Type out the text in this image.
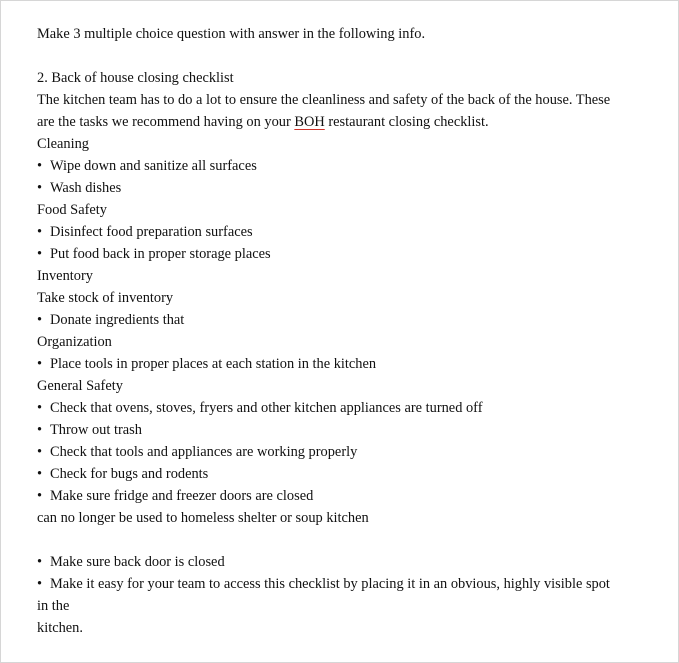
Make 3 multiple choice question with answer in the following info.
2. Back of house closing checklist
The kitchen team has to do a lot to ensure the cleanliness and safety of the back of the house. These
are the tasks we recommend having on your BOH restaurant closing checklist.
Cleaning
• Wipe down and sanitize all surfaces
• Wash dishes
Food Safety
• Disinfect food preparation surfaces
• Put food back in proper storage places
Inventory
Take stock of inventory
• Donate ingredients that
Organization
• Place tools in proper places at each station in the kitchen
General Safety
• Check that ovens, stoves, fryers and other kitchen appliances are turned off
• Throw out trash
• Check that tools and appliances are working properly
• Check for bugs and rodents
• Make sure fridge and freezer doors are closed
can no longer be used to homeless shelter or soup kitchen
• Make sure back door is closed
• Make it easy for your team to access this checklist by placing it in an obvious, highly visible spot
in the
kitchen.
